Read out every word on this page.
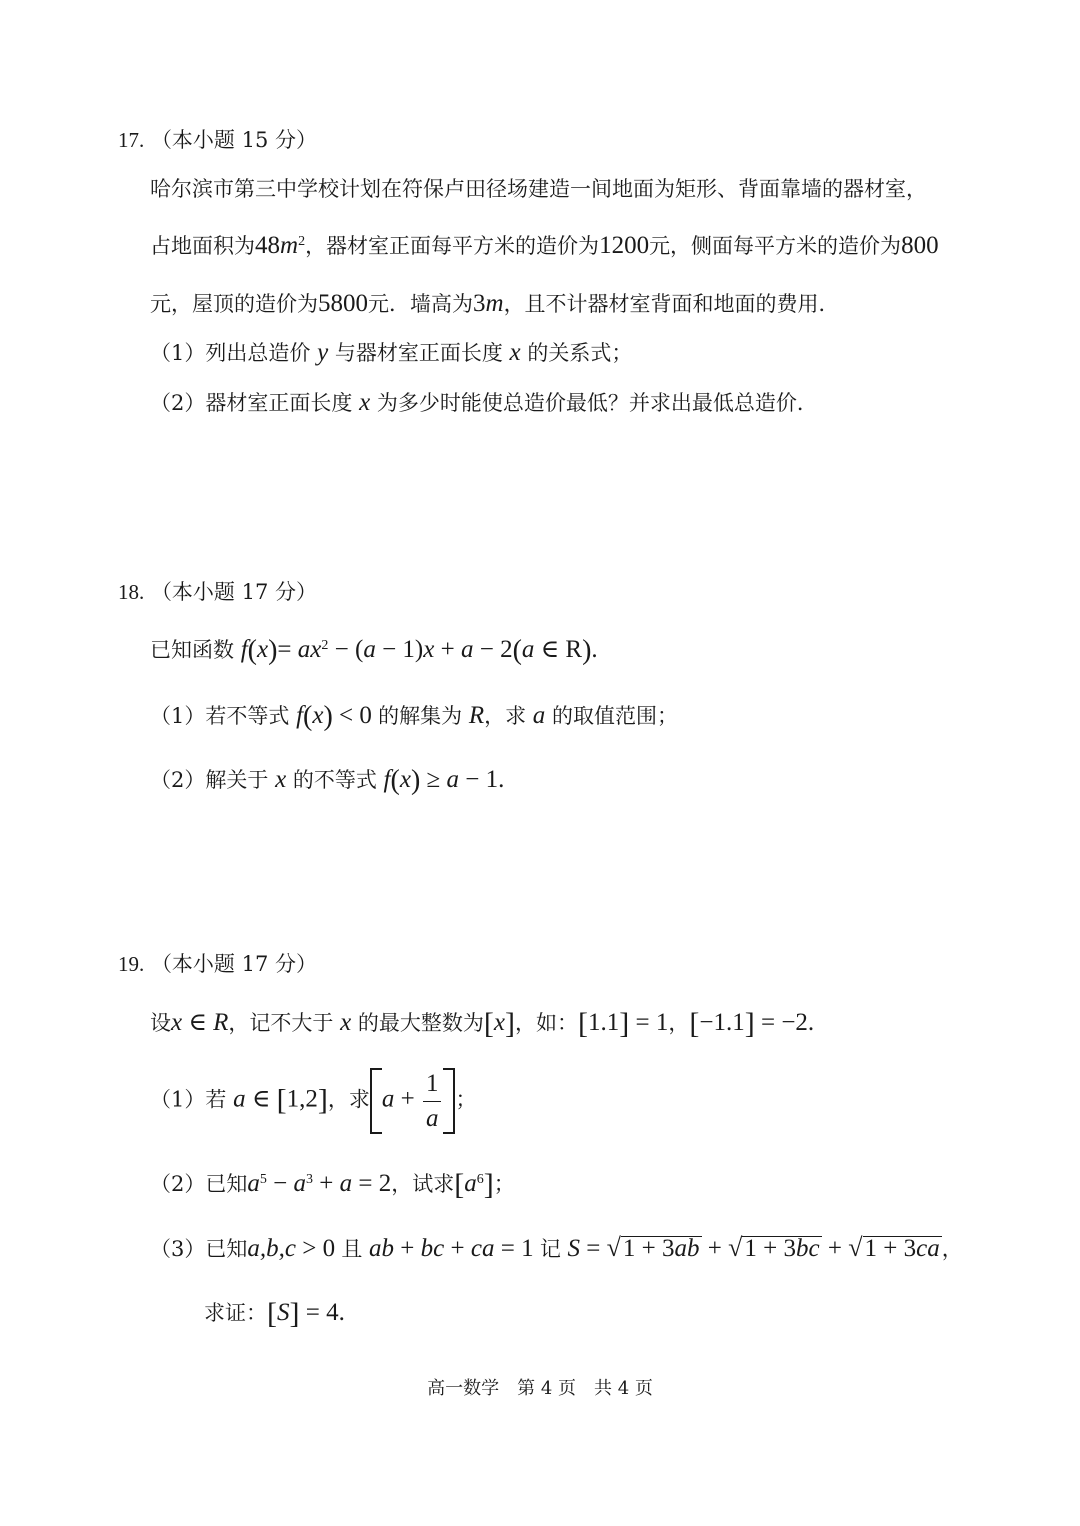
17. （本小题 15 分）
哈尔滨市第三中学校计划在符保卢田径场建造一间地面为矩形、背面靠墙的器材室，
占地面积为$48m^2$，器材室正面每平方米的造价为1200元，侧面每平方米的造价为800
元，屋顶的造价为5800元．墙高为3m，且不计器材室背面和地面的费用．
（1）列出总造价 y 与器材室正面长度 x 的关系式；
（2）器材室正面长度 x 为多少时能使总造价最低？并求出最低总造价．
18. （本小题 17 分）
已知函数 $f(x)= ax^2 - (a - 1)x + a - 2(a$ ∈ R).
（1）若不等式 f(x) < 0 的解集为 R，求 a 的取值范围；
（2）解关于 x 的不等式 f(x) ≥ a − 1.
19. （本小题 17 分）
设x ∈ R，记不大于 x 的最大整数为[x]，如：[1.1] = 1，[−1.1] = −2.
（1）若 a ∈ [1,2]，求 $a + \frac{1}{a}$ ；
（2）已知$a^5 - a^3 + a = 2$，试求$[a^6]$；
（3）已知a,b,c > 0 且 ab + bc + ca = 1 记 S = √1 + 3ab + √1 + 3bc + √1 + 3ca，
求证：[S] = 4.
高一数学　第 4 页　共 4 页
